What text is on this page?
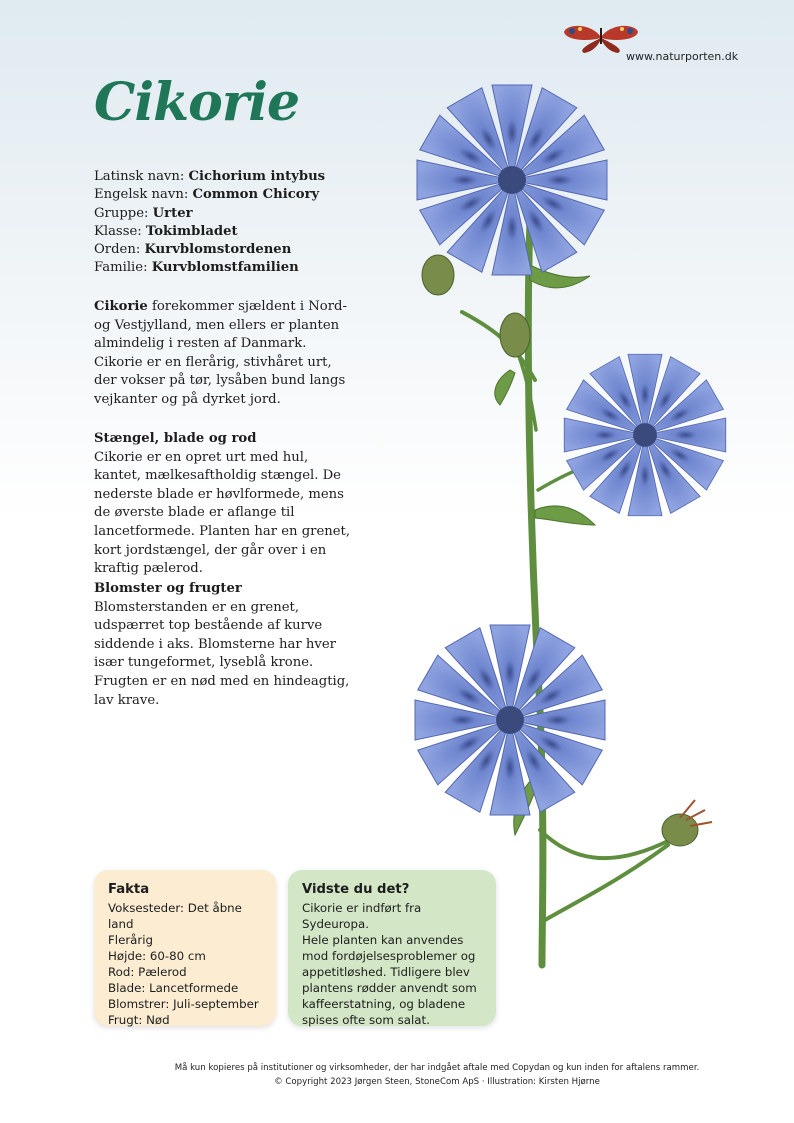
www.naturporten.dk
Cikorie
Latinsk navn: Cichorium intybus
Engelsk navn: Common Chicory
Gruppe: Urter
Klasse: Tokimbladet
Orden: Kurvblomstordenen
Familie: Kurvblomstfamilien
Cikorie forekommer sjældent i Nord- og Vestjylland, men ellers er planten almindelig i resten af Danmark. Cikorie er en flerårig, stivhåret urt, der vokser på tør, lysåben bund langs vejkanter og på dyrket jord.
Stængel, blade og rod
Cikorie er en opret urt med hul, kantet, mælkesaftholdig stængel. De nederste blade er høvlformede, mens de øverste blade er aflange til lancetformede. Planten har en grenet, kort jordstængel, der går over i en kraftig pælerod.
Blomster og frugter
Blomsterstanden er en grenet, udspærret top bestående af kurve siddende i aks. Blomsterne har hver især tungeformet, lyseblå krone. Frugten er en nød med en hindeagtig, lav krave.
Fakta
Voksesteder: Det åbne land
Flerårig
Højde: 60-80 cm
Rod: Pælerod
Blade: Lancetformede
Blomstrer: Juli-september
Frugt: Nød
Vidste du det?
Cikorie er indført fra Sydeuropa.
Hele planten kan anvendes
mod fordøjelsesproblemer og
appetitløshed. Tidligere blev
plantens rødder anvendt som
kaffeerstatning, og bladene
spises ofte som salat.
Må kun kopieres på institutioner og virksomheder, der har indgået aftale med Copydan og kun inden for aftalens rammer.
© Copyright 2023 Jørgen Steen, StoneCom ApS · Illustration: Kirsten Hjørne
